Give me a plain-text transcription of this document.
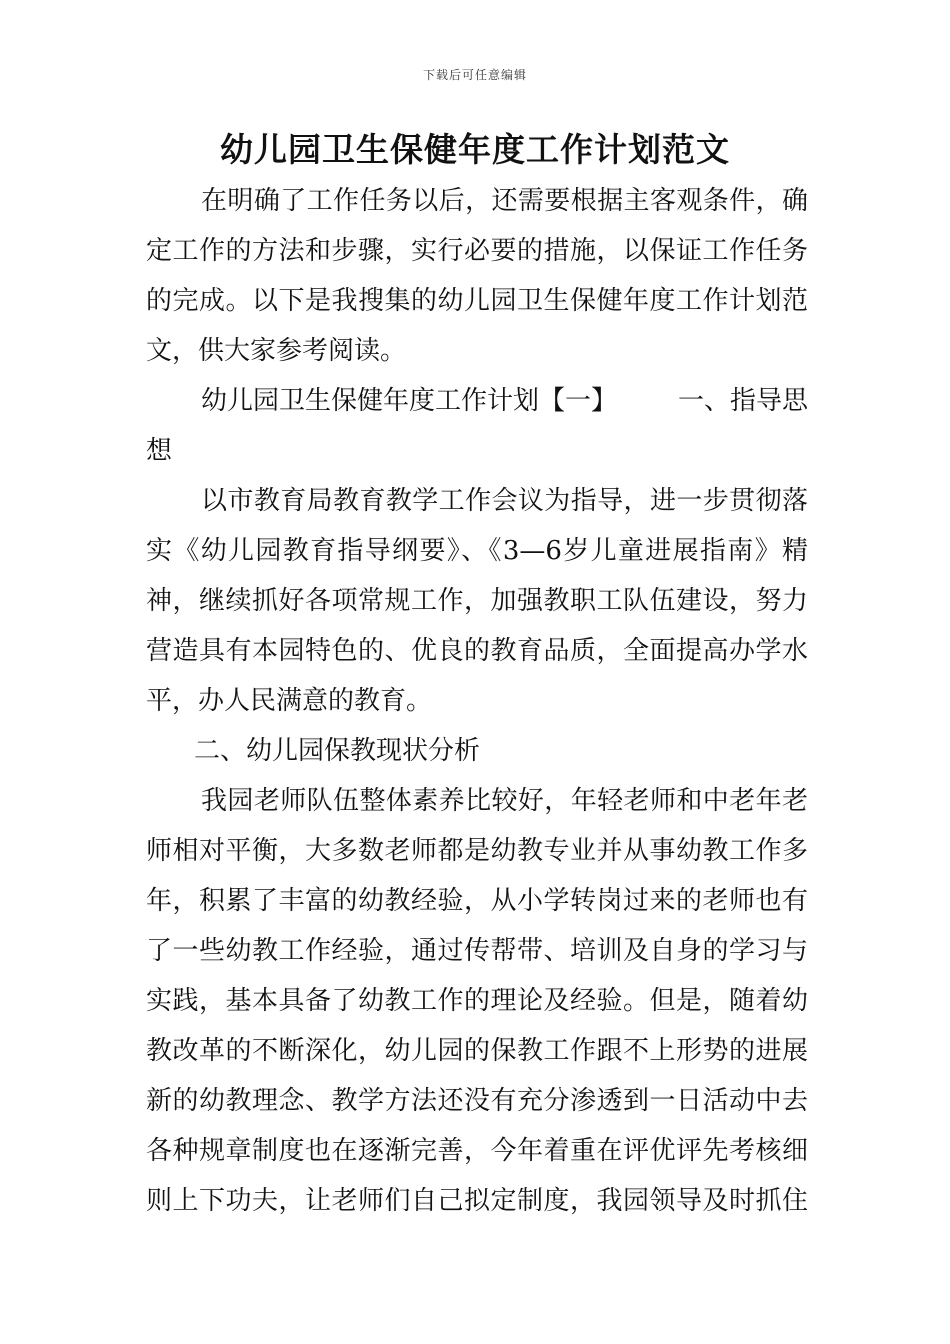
下载后可任意编辑
幼儿园卫生保健年度工作计划范文
在明确了工作任务以后，还需要根据主客观条件，确
定工作的方法和步骤，实行必要的措施，以保证工作任务
的完成。以下是我搜集的幼儿园卫生保健年度工作计划范
文，供大家参考阅读。
幼儿园卫生保健年度工作计划【一】 一、指导思
想
以市教育局教育教学工作会议为指导，进一步贯彻落
实《幼儿园教育指导纲要》、《3—6岁儿童进展指南》精
神，继续抓好各项常规工作，加强教职工队伍建设，努力
营造具有本园特色的、优良的教育品质，全面提高办学水
平，办人民满意的教育。
二、幼儿园保教现状分析
我园老师队伍整体素养比较好，年轻老师和中老年老
师相对平衡，大多数老师都是幼教专业并从事幼教工作多
年，积累了丰富的幼教经验，从小学转岗过来的老师也有
了一些幼教工作经验，通过传帮带、培训及自身的学习与
实践，基本具备了幼教工作的理论及经验。但是，随着幼
教改革的不断深化，幼儿园的保教工作跟不上形势的进展
新的幼教理念、教学方法还没有充分渗透到一日活动中去
各种规章制度也在逐渐完善，今年着重在评优评先考核细
则上下功夫，让老师们自己拟定制度，我园领导及时抓住
